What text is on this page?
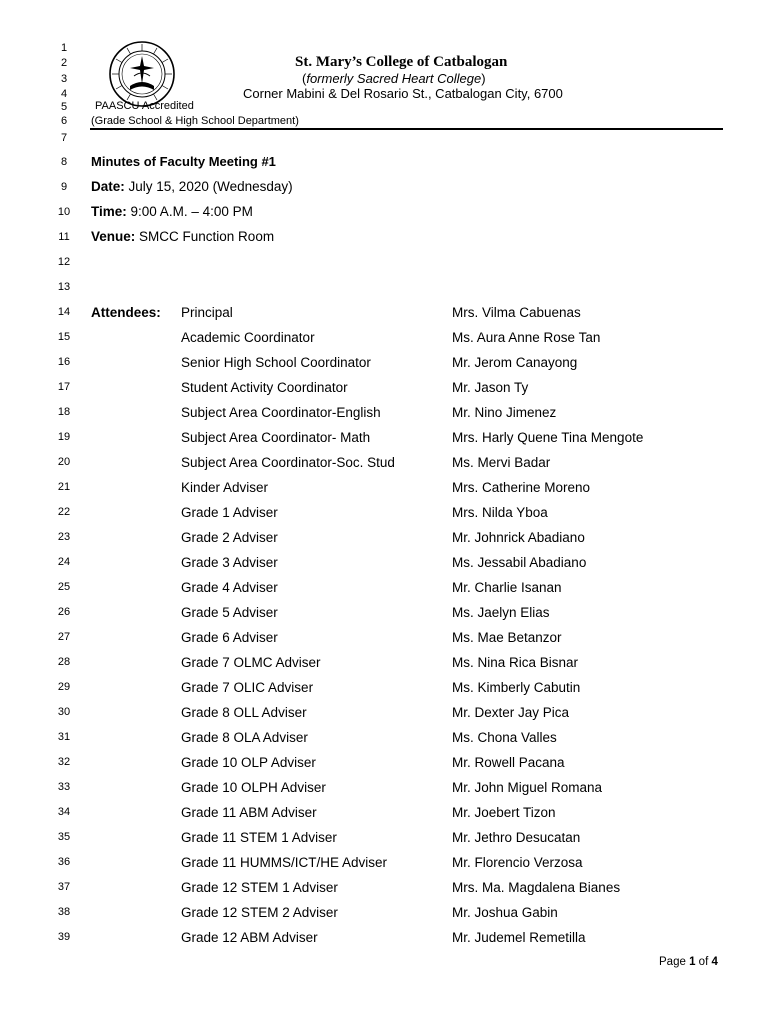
1
2
3
4
5
6
7
8
9
10
11
12
13
14
15
16
17
18
19
20
21
22
23
24
25
26
27
28
29
30
31
32
33
34
35
36
37
38
39
St. Mary’s College of Catbalogan
(formerly Sacred Heart College)
Corner Mabini & Del Rosario St., Catbalogan City, 6700
PAASCU Accredited
(Grade School & High School Department)
Minutes of Faculty Meeting #1
Date: July 15, 2020 (Wednesday)
Time: 9:00 A.M. – 4:00 PM
Venue: SMCC Function Room
Attendees: Principal	Mrs. Vilma Cabuenas
Academic Coordinator	Ms. Aura Anne Rose Tan
Senior High School Coordinator	Mr. Jerom Canayong
Student Activity Coordinator	Mr. Jason Ty
Subject Area Coordinator-English	Mr. Nino Jimenez
Subject Area Coordinator- Math	Mrs. Harly Quene Tina Mengote
Subject Area Coordinator-Soc. Stud	Ms. Mervi Badar
Kinder Adviser	Mrs. Catherine Moreno
Grade 1 Adviser	Mrs. Nilda Yboa
Grade 2 Adviser	Mr. Johnrick Abadiano
Grade 3 Adviser	Ms. Jessabil Abadiano
Grade 4 Adviser	Mr. Charlie Isanan
Grade 5 Adviser	Ms. Jaelyn Elias
Grade 6 Adviser	Ms. Mae Betanzor
Grade 7 OLMC Adviser	Ms. Nina Rica Bisnar
Grade 7 OLIC Adviser	Ms. Kimberly Cabutin
Grade 8 OLL Adviser	Mr. Dexter Jay Pica
Grade 8 OLA Adviser	Ms. Chona Valles
Grade 10 OLP Adviser	Mr. Rowell Pacana
Grade 10 OLPH Adviser	Mr. John Miguel Romana
Grade 11 ABM Adviser	Mr. Joebert Tizon
Grade 11 STEM 1 Adviser	Mr. Jethro Desucatan
Grade 11 HUMMS/ICT/HE Adviser	Mr. Florencio Verzosa
Grade 12 STEM 1 Adviser	Mrs. Ma. Magdalena Bianes
Grade 12 STEM 2 Adviser	Mr. Joshua Gabin
Grade 12 ABM Adviser	Mr. Judemel Remetilla
Page 1 of 4
